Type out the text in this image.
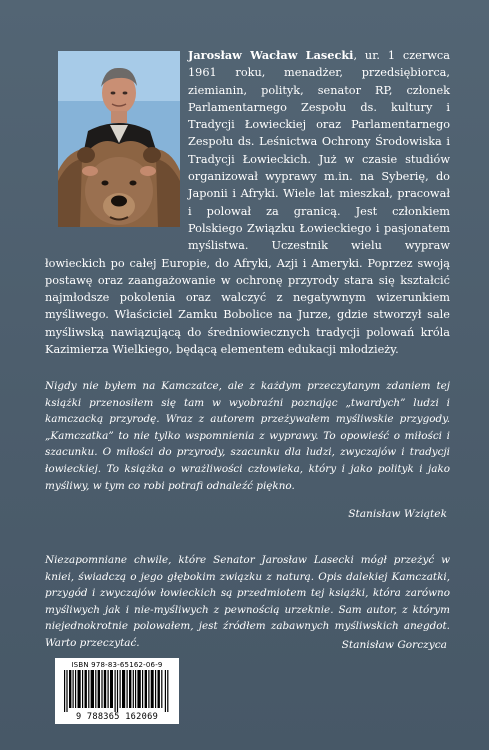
Jarosław Wacław Lasecki, ur. 1 czerwca 1961 roku, menadżer, przedsiębiorca, ziemianin, polityk, senator RP, członek Parlamentarnego Zespołu ds. kultury i Tradycji Łowieckiej oraz Parlamentarnego Zespołu ds. Leśnictwa Ochrony Środowiska i Tradycji Łowieckich. Już w czasie studiów organizował wyprawy m.in. na Syberię, do Japonii i Afryki. Wiele lat mieszkał, pracował i polował za granicą. Jest członkiem Polskiego Związku Łowieckiego i pasjonatem myślistwa. Uczestnik wielu wypraw łowieckich po całej Europie, do Afryki, Azji i Ameryki. Poprzez swoją postawę oraz zaangażowanie w ochronę przyrody stara się kształcić najmłodsze pokolenia oraz walczyć z negatywnym wizerunkiem myśliwego. Właściciel Zamku Bobolice na Jurze, gdzie stworzył sale myśliwską nawiązującą do średniowiecznych tradycji polowań króla Kazimierza Wielkiego, będącą elementem edukacji młodzieży.
Nigdy nie byłem na Kamczatce, ale z każdym przeczytanym zdaniem tej książki przenosiłem się tam w wyobraźni poznając „twardych” ludzi i kamczacką przyrodę. Wraz z autorem przeżywałem myśliwskie przygody. „Kamczatka” to nie tylko wspomnienia z wyprawy. To opowieść o miłości i szacunku. O miłości do przyrody, szacunku dla ludzi, zwyczajów i tradycji łowieckiej. To książka o wrażliwości człowieka, który i jako polityk i jako myśliwy, w tym co robi potrafi odnaleźć piękno.
Stanisław Wziątek
Niezapomniane chwile, które Senator Jarosław Lasecki mógł przeżyć w kniei, świadczą o jego głębokim związku z naturą. Opis dalekiej Kamczatki, przygód i zwyczajów łowieckich są przedmiotem tej książki, która zarówno myśliwych jak i nie-myśliwych z pewnością urzeknie. Sam autor, z którym niejednokrotnie polowałem, jest źródłem zabawnych myśliwskich anegdot. Warto przeczytać.	Stanisław Gorczyca
ISBN 978-83-65162-06-9
9 788365 162069
